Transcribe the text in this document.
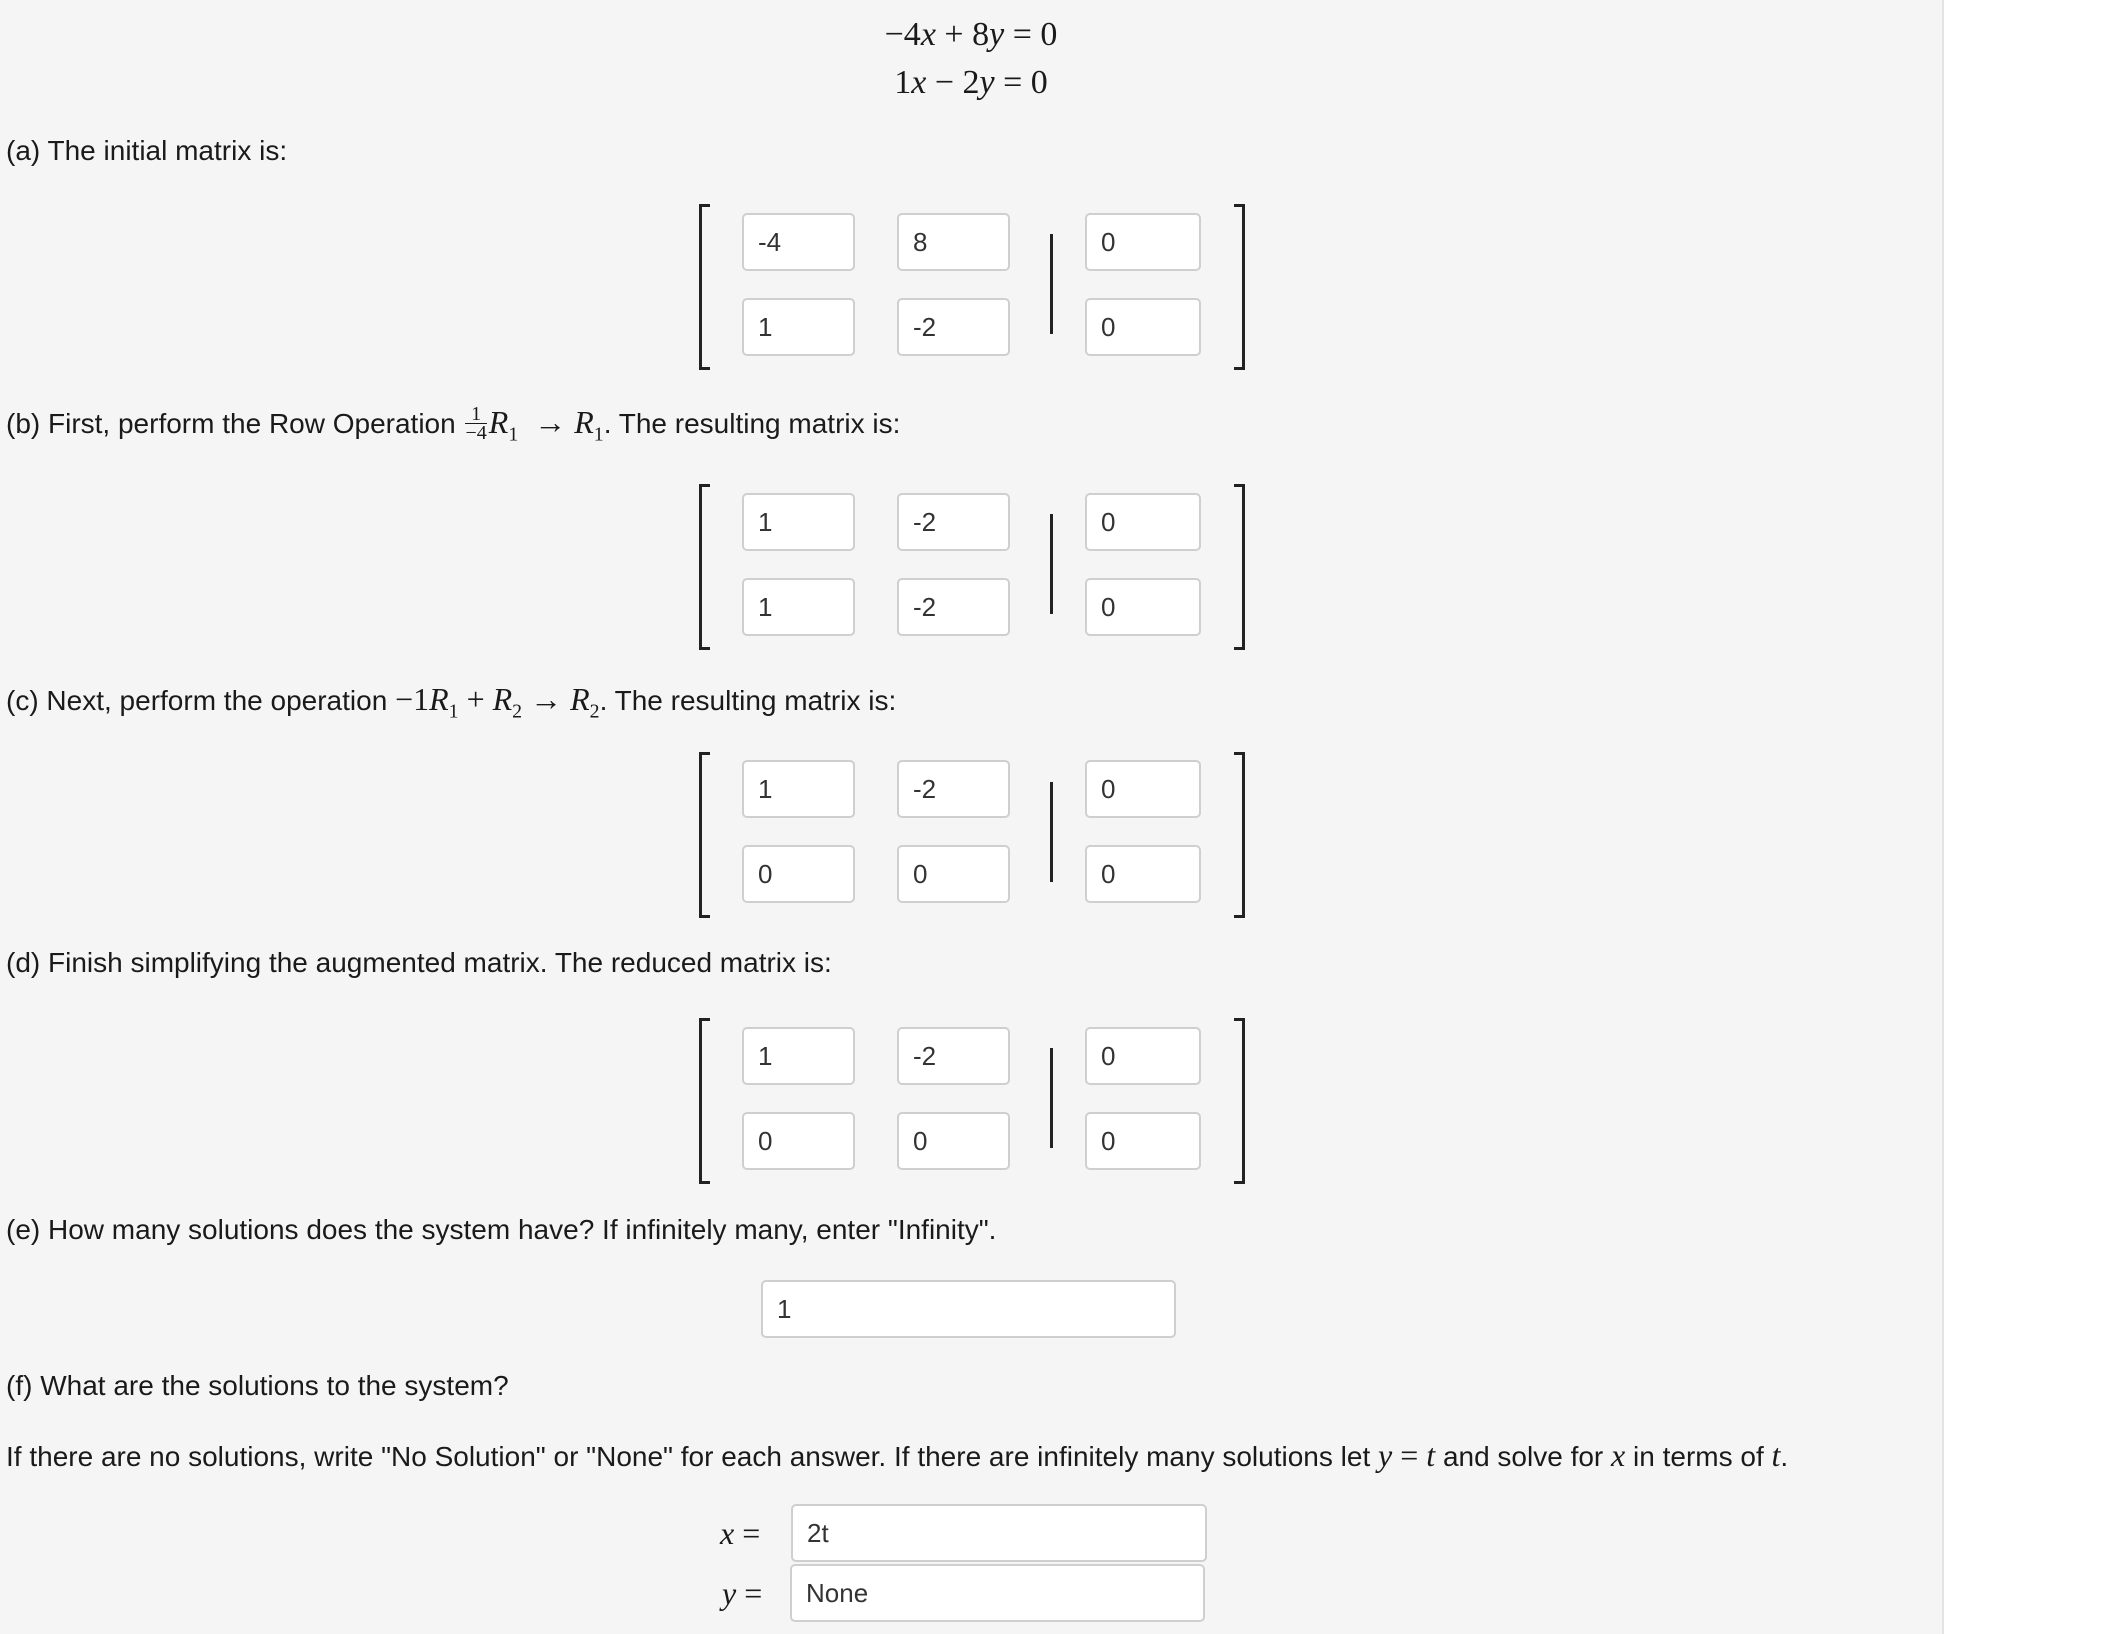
−4x + 8y = 0
1x − 2y = 0
(a) The initial matrix is:
-4
8
0
1
-2
0
(b) First, perform the Row Operation $\frac{1}{-4} R_1 \to R_1$. The resulting matrix is:
1
-2
0
1
-2
0
(c) Next, perform the operation $-1R_1 + R_2 \to R_2$. The resulting matrix is:
1
-2
0
0
0
0
(d) Finish simplifying the augmented matrix. The reduced matrix is:
1
-2
0
0
0
0
(e) How many solutions does the system have? If infinitely many, enter "Infinity".
1
(f) What are the solutions to the system?
If there are no solutions, write "No Solution" or "None" for each answer. If there are infinitely many solutions let y = t and solve for x in terms of t.
x =
2t
y =
None
